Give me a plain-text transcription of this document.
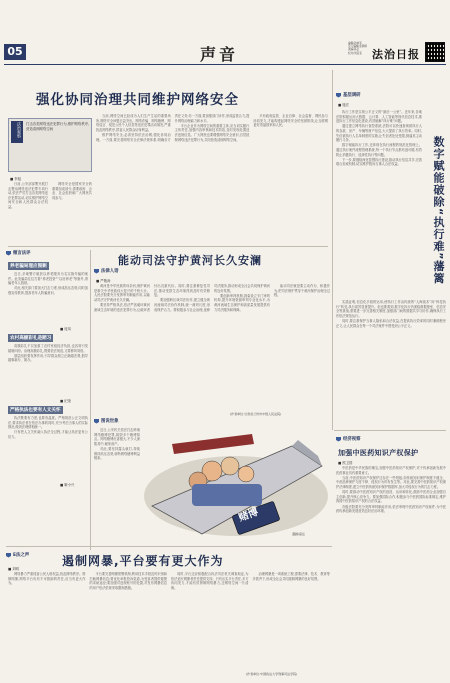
05	声音	法治日报
编辑/孙帅军
见习编辑/张鹤婷
美编/高岳
校对/刘莹莹
强化协同治理共同维护网络安全
法治观察 打击各类网络违法犯罪行为,维护网络秩序,营造清朗网络空间
■ 李旭

日前,公安部部署开展打击整治网络违法犯罪专项行动,依法严厉打击各类网络违法犯罪活动,切实维护网络空间安全和人民群众合法权益。

网络安全是国家安全的重要组成部分,需要政府、企业、社会组织和广大网民共同参与。

当前,网络空间已经成为人们生产生活的重要场所,网络安全问题日益突出。网络诈骗、网络赌博、网络谣言、侵犯公民个人信息等违法犯罪活动频发,严重扰乱网络秩序,损害人民群众切身利益。

维护网络安全,必须坚持依法治网,强化协同治理。一方面,要完善网络安全法律法规体系,明确各方责任义务;另一方面,要加强部门协作,形成监管合力,提升网络治理能力和水平。

平台企业作为网络空间的重要主体,应当切实履行主体责任,加强内容审核和技术防范,及时发现处置违法违规信息。广大网民也要增强网络安全意识,自觉抵制网络违法犯罪行为,共同营造清朗网络空间。

只有政府监管、企业自律、社会监督、网民参与协同发力,才能构建起网络安全的坚固防线,让互联网更好造福国家和人民。

基层调研
■ 施宏
数字赋能破除“执行难”藩篱

执行工作是实现公平正义的“最后一公里”。近年来,各地法院积极运用大数据、云计算、人工智能等现代信息技术,推进执行工作信息化建设,有效破解“执行难”问题。

通过建立网络执行查控系统,法院可以快速查询被执行人的存款、房产、车辆等财产信息,大大提高了执行效率。同时,失信被执行人名单制度的实施,让失信者处处受限,倒逼其主动履行义务。

数字赋能执行工作,还体现在执行流程的规范化管理上。通过执行案件流程管理系统,每一个执行节点都有迹可循,有效防止消极执行、选择性执行等问题。

下一步,要继续深化智慧执行建设,推动执行信息共享,完善联合惩戒机制,切实维护胜诉当事人合法权益。

实践证明,信息化手段的运用,使执行工作由传统的“人海战术”向“科技执行”转变,执行质效显著提升。但也要看到,数字化执行仍面临数据壁垒、信息安全等挑战,需要进一步完善相关制度,加强部门间的数据共享与协作,确保执行工作依法规范运行。

同时,要注重保护当事人隐私和合法权益,在提高执行效率的同时兼顾程序正义,让人民群众在每一个司法案件中感受到公平正义。

能动司法守护黄河长久安澜
法律人语
■ 严敬涛

黄河是中华民族的母亲河,保护黄河是事关中华民族伟大复兴的千秋大计。人民法院要充分发挥审判职能作用,以能动司法守护黄河长久安澜。

要坚持严格执法,依法严惩破坏黄河流域生态环境的违法犯罪行为,让破坏者付出沉重代价。同时,要注重修复性司法,推动受损生态环境得到及时有效修复。

要加强跨区域司法协作,建立健全黄河流域司法协作机制,统一裁判尺度,形成保护合力。要积极参与社会治理,延伸司法服务,推动形成全社会共同保护黄河的良好氛围。

要创新审判机制,探索设立专门审判机构,提升环境资源审判专业化水平,为黄河流域生态保护和高质量发展提供有力司法服务和保障。

能动司法就是要主动作为、积极作为,把司法保护贯穿于黄河保护治理全过程。

(作者单位:甘肃省兰州市中级人民法院)
微言法评
养老骗局理应围剿

近日,多地警方破获以养老服务为名实施诈骗的案件。此类骗局往往打着“养老投资”“以房养老”等旗号,诱骗老年人钱财。

对此,相关部门要加大打击力度,形成高压态势,同时加强宣传教育,提高老年人防骗意识。

■ 庞凤
农村高额彩礼是陋习

高额彩礼不仅加重了农村家庭经济负担,也容易引发婚姻纠纷。治理高额彩礼,既要依法规范,又要移风易俗。

基层组织要发挥作用,引导群众树立正确婚恋观,倡导婚事新办、简办。

■ 纪奎
严格执法也要有人文关怀

执法既要有力度,也要有温度。严格规范公正文明执法,要求执法者在依法办事的同时,充分考虑当事人的实际情况,做到法理情相统一。

只有把人文关怀融入执法全过程,才能让执法更有公信力。

■ 靳小兴
图说世象

近日,公安机关依法打击跨境网络赌博犯罪,捣毁多个赌博窝点。网络赌博危害极大,不少人深陷其中,倾家荡产。

对此,要坚持露头就打,持续保持高压态势,斩断网络赌博利益链条。

赌博
漫画/高岳
E法之声	遏制网暴,平台要有更大作为
■ 刘明

网络暴力严重侵害公民人格权益,扰乱网络秩序。遏制网暴,网络平台负有不可推卸的责任,应当有更大作为。

平台要完善网暴预警机制,利用技术手段及时识别和拦截网暴信息;要优化举报投诉渠道,为受害者提供便捷的求助途径;要加强对违规账号的处置,对发布网暴信息的用户依法依规采取限制措施。

同时,平台还应积极配合执法司法机关调查取证,为依法追究网暴者责任提供支持。只有压实平台责任,多方协同发力,才能有效遏制网络暴力,还网络空间一片清朗。

治理网暴是一项系统工程,需要法律、技术、教育等多管齐下,形成全社会共同抵制网暴的良好氛围。

(作者单位:中国政法大学刑事司法学院)
经济视察
加强中医药知识产权保护
■ 熊卫国

中医药是中华民族的瑰宝,加强中医药知识产权保护,对于传承创新发展中医药事业具有重要意义。

当前,中医药知识产权保护还存在一些短板,如传统知识保护制度不健全、中药品种保护力度不够、侵权行为时有发生等。对此,要完善中医药知识产权保护法律制度,建立中医药传统知识保护数据库,加大对侵权行为的打击力度。

同时,要推动中医药知识产权的创造、运用和转化,鼓励中医药企业加强自主创新,提升核心竞争力。要加强国际合作,积极参与中医药国际标准制定,维护我国中医药知识产权的合法权益。

各级法院要充分发挥审判职能作用,依法审理中医药知识产权案件,为中医药传承创新发展营造良好法治环境。
